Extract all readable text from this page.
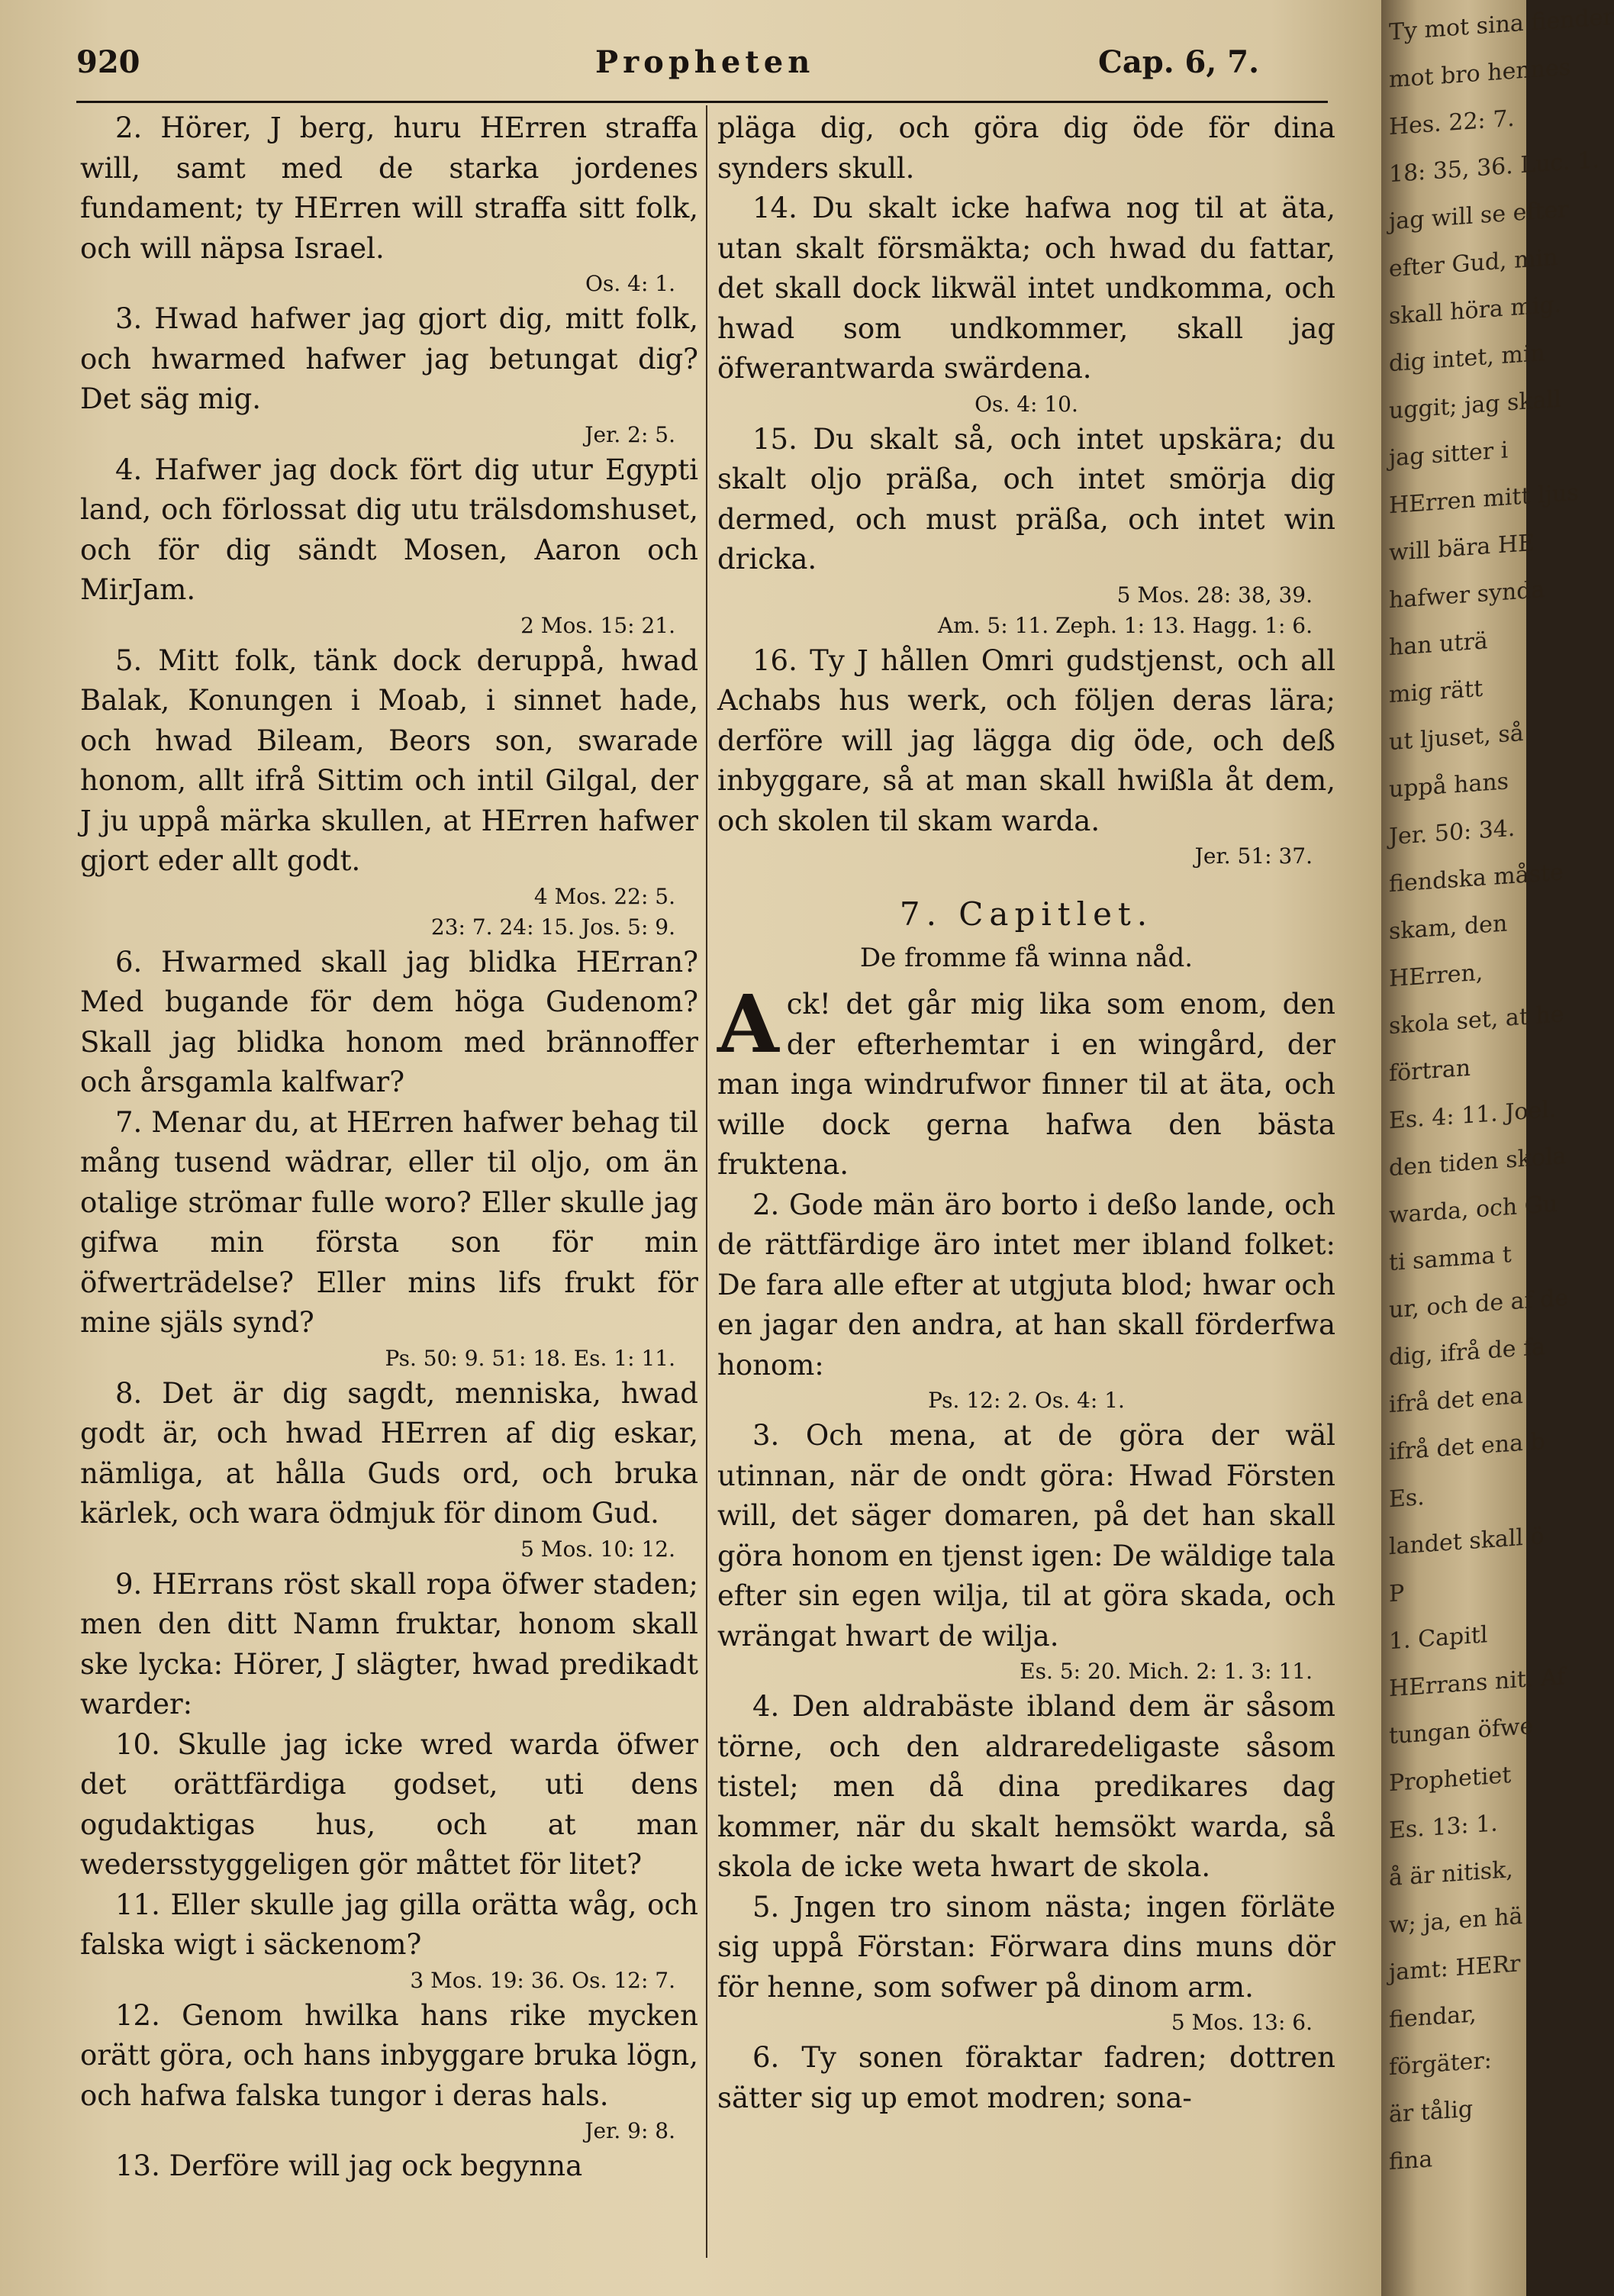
920	Propheten	Cap. 6, 7.

2. Hörer, J berg, huru HErren straffa will, samt med de starka jordenes fundament; ty HErren will straffa sitt folk, och will näpsa Israel.

Os. 4: 1.

3. Hwad hafwer jag gjort dig, mitt folk, och hwarmed hafwer jag betungat dig? Det säg mig.

Jer. 2: 5.

4. Hafwer jag dock fört dig utur Egypti land, och förlossat dig utu trälsdomshuset, och för dig sändt Mosen, Aaron och MirJam.

2 Mos. 15: 21.

5. Mitt folk, tänk dock deruppå, hwad Balak, Konungen i Moab, i sinnet hade, och hwad Bileam, Beors son, swarade honom, allt ifrå Sittim och intil Gilgal, der J ju uppå märka skullen, at HErren hafwer gjort eder allt godt.

4 Mos. 22: 5.

23: 7. 24: 15. Jos. 5: 9.

6. Hwarmed skall jag blidka HErran? Med bugande för dem höga Gudenom? Skall jag blidka honom med brännoffer och årsgamla kalfwar?

7. Menar du, at HErren hafwer behag til mång tusend wädrar, eller til oljo, om än otalige strömar fulle woro? Eller skulle jag gifwa min första son för min öfwerträdelse? Eller mins lifs frukt för mine själs synd?

Ps. 50: 9. 51: 18. Es. 1: 11.

8. Det är dig sagdt, menniska, hwad godt är, och hwad HErren af dig eskar, nämliga, at hålla Guds ord, och bruka kärlek, och wara ödmjuk för dinom Gud.

5 Mos. 10: 12.

9. HErrans röst skall ropa öfwer staden; men den ditt Namn fruktar, honom skall ske lycka: Hörer, J slägter, hwad predikadt warder:

10. Skulle jag icke wred warda öfwer det orättfärdiga godset, uti dens ogudaktigas hus, och at man wedersstyggeligen gör måttet för litet?

11. Eller skulle jag gilla orätta wåg, och falska wigt i säckenom?

3 Mos. 19: 36. Os. 12: 7.

12. Genom hwilka hans rike mycken orätt göra, och hans inbyggare bruka lögn, och hafwa falska tungor i deras hals.

Jer. 9: 8.

13. Derföre will jag ock begynna

pläga dig, och göra dig öde för dina synders skull.

14. Du skalt icke hafwa nog til at äta, utan skalt försmäkta; och hwad du fattar, det skall dock likwäl intet undkomma, och hwad som undkommer, skall jag öfwerantwarda swärdena.

Os. 4: 10.

15. Du skalt så, och intet upskära; du skalt oljo präßa, och intet smörja dig dermed, och must präßa, och intet win dricka.

5 Mos. 28: 38, 39.

Am. 5: 11. Zeph. 1: 13. Hagg. 1: 6.

16. Ty J hållen Omri gudstjenst, och all Achabs hus werk, och följen deras lära; derföre will jag lägga dig öde, och deß inbyggare, så at man skall hwißla åt dem, och skolen til skam warda.

Jer. 51: 37.

7. Capitlet.
De fromme få winna nåd.

Ack! det går mig lika som enom, den der efterhemtar i en wingård, der man inga windrufwor finner til at äta, och wille dock gerna hafwa den bästa fruktena.

2. Gode män äro borto i deßo lande, och de rättfärdige äro intet mer ibland folket: De fara alle efter at utgjuta blod; hwar och en jagar den andra, at han skall förderfwa honom:

Ps. 12: 2. Os. 4: 1.

3. Och mena, at de göra der wäl utinnan, när de ondt göra: Hwad Försten will, det säger domaren, på det han skall göra honom en tjenst igen: De wäldige tala efter sin egen wilja, til at göra skada, och wrängat hwart de wilja.

Es. 5: 20. Mich. 2: 1. 3: 11.

4. Den aldrabäste ibland dem är såsom törne, och den aldraredeligaste såsom tistel; men då dina predikares dag kommer, när du skalt hemsökt warda, så skola de icke weta hwart de skola.

5. Jngen tro sinom nästa; ingen förläte sig uppå Förstan: Förwara dins muns dör för henne, som sofwer på dinom arm.

5 Mos. 13: 6.

6. Ty sonen föraktar fadren; dottren sätter sig up emot modren; sona-

Ty mot sina fiender
mot bro hennes
Hes. 22: 7.
18: 35, 36. Luc. 1.
jag will se efter
efter Gud, min
skall höra mig.
dig intet, min
uggit; jag skall
jag sitter i
HErren mitt ljus
will bära HE
hafwer synda
han uträ
mig rätt
ut ljuset, så
uppå hans
Jer. 50: 34.
fiendska måste
skam, den
HErren,
skola set, at he
förtran
Es. 4: 11. Joel.
den tiden skola
warda, och Gu
ti samma t
ur, och de af de
dig, ifrå de fa
ifrå det ena
ifrå det ena b
Es.
landet skall ö
P
1. Capitl
HErrans nit. Af
tungan öfwe
Prophetiet
Es. 13: 1.
å är nitisk,
w; ja, en hä
jamt: HERr
fiendar,
förgäter:
är tålig
fina
